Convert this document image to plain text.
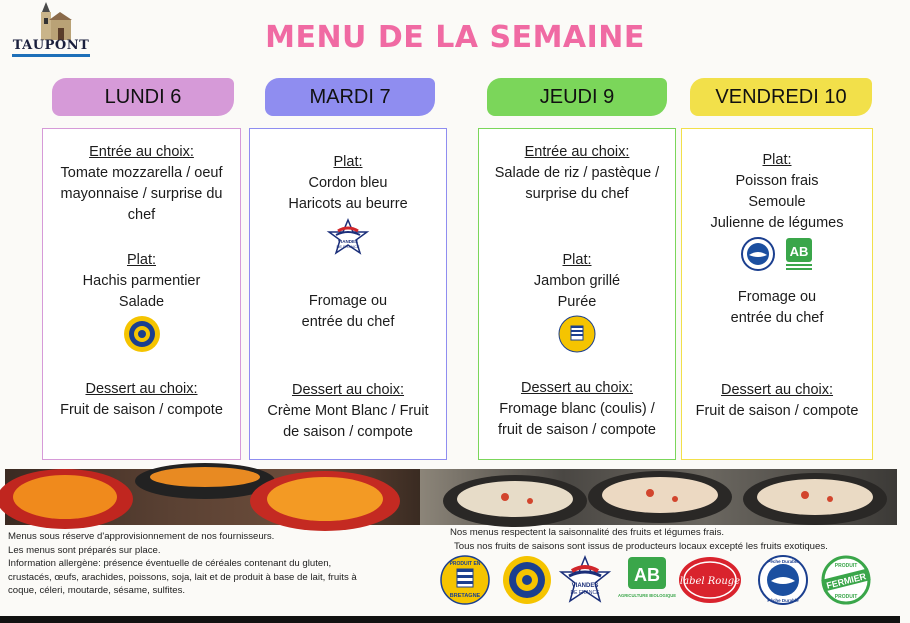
TAUPONT	MENU DE LA SEMAINE
LUNDI 6	MARDI 7	JEUDI 9	VENDREDI 10
Entrée au choix:
Tomate mozzarella / oeuf
mayonnaise / surprise du
chef
Plat:
Hachis parmentier
Salade
Dessert au choix:
Fruit de saison / compote
Plat:
Cordon bleu
Haricots au beurre
VIANDES
DE FRANCE
Fromage ou
entrée du chef
Dessert au choix:
Crème Mont Blanc / Fruit
de saison / compote
Entrée au choix:
Salade de riz / pastèque /
surprise du chef
Plat:
Jambon grillé
Purée
Dessert au choix:
Fromage blanc (coulis) /
fruit de saison / compote
Plat:
Poisson frais
Semoule
Julienne de légumes
AB
Fromage ou
entrée du chef
Dessert au choix:
Fruit de saison / compote
Menus sous réserve d'approvisionnement de nos fournisseurs.
Les menus sont préparés sur place.
Information allergène: présence éventuelle de céréales contenant du gluten,
crustacés, œufs, arachides, poissons, soja, lait et de produit à base de lait, fruits à
coque, céleri, moutarde, sésame, sulfites.
Nos menus respectent la saisonnalité des fruits et légumes frais.
Tous nos fruits de saisons sont issus de producteurs locaux excepté les fruits exotiques.
PRODUIT EN
BRETAGNE
VIANDES
DE FRANCE
AB
AGRICULTURE BIOLOGIQUE
label Rouge
Pêche Durable
Pêche Durable
FERMIER
PRODUIT
PRODUIT
